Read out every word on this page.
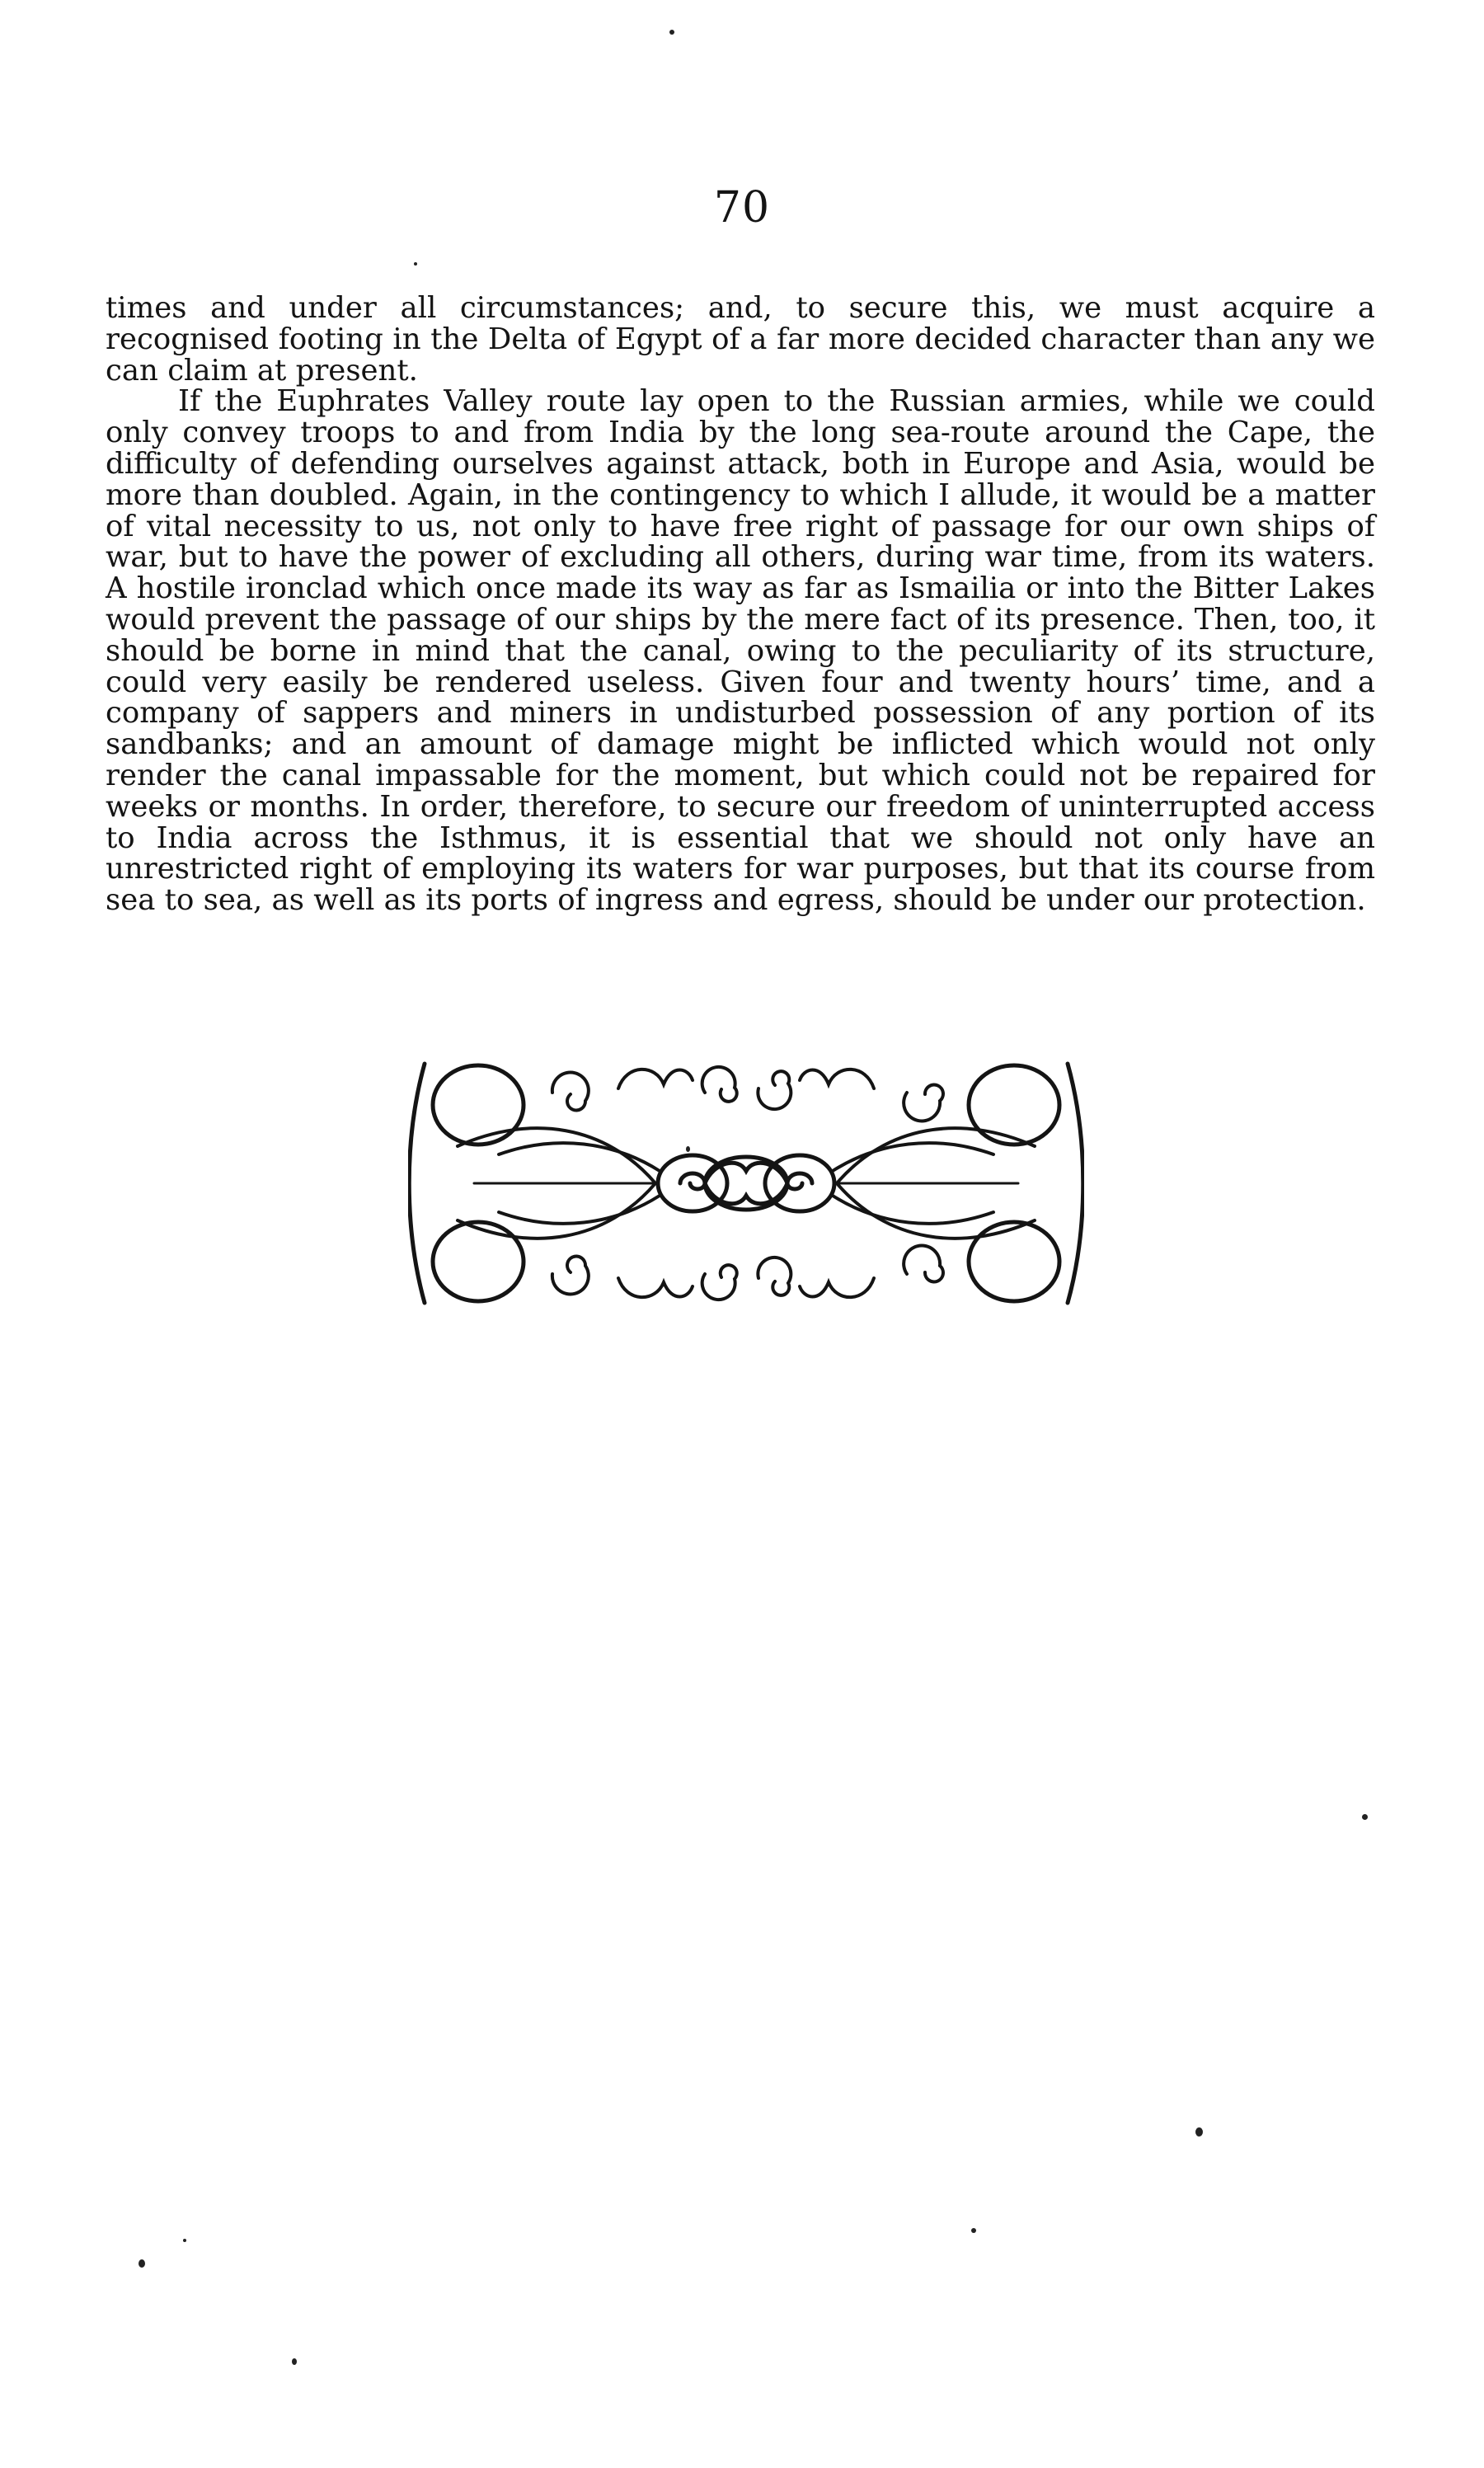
70

times and under all circumstances; and, to secure this, we must acquire a recognised footing in the Delta of Egypt of a far more decided character than any we can claim at present.

If the Euphrates Valley route lay open to the Russian armies, while we could only convey troops to and from India by the long sea-route around the Cape, the difficulty of defending ourselves against attack, both in Europe and Asia, would be more than doubled. Again, in the contingency to which I allude, it would be a matter of vital necessity to us, not only to have free right of passage for our own ships of war, but to have the power of excluding all others, during war time, from its waters. A hostile ironclad which once made its way as far as Ismailia or into the Bitter Lakes would prevent the passage of our ships by the mere fact of its presence. Then, too, it should be borne in mind that the canal, owing to the peculiarity of its structure, could very easily be rendered useless. Given four and twenty hours’ time, and a company of sappers and miners in undisturbed possession of any portion of its sandbanks; and an amount of damage might be inflicted which would not only render the canal impassable for the moment, but which could not be repaired for weeks or months. In order, therefore, to secure our freedom of uninterrupted access to India across the Isthmus, it is essential that we should not only have an unrestricted right of employing its waters for war purposes, but that its course from sea to sea, as well as its ports of ingress and egress, should be under our protection.
